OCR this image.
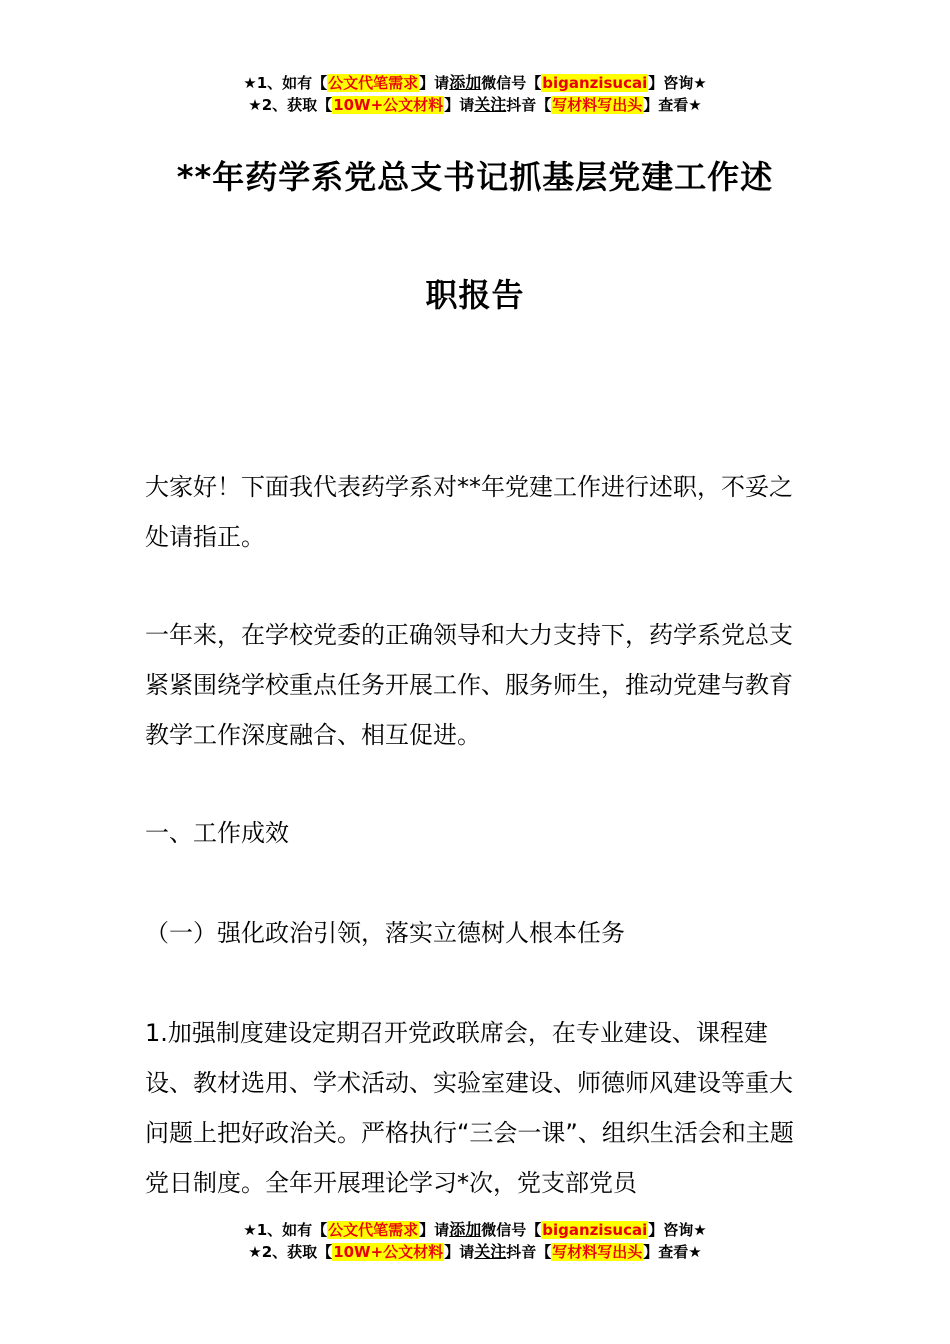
★1、如有【公文代笔需求】请添加微信号【biganzisucai】咨询★
★2、获取【10W+公文材料】请关注抖音【写材料写出头】查看★
**年药学系党总支书记抓基层党建工作述
职报告

大家好！下面我代表药学系对**年党建工作进行述职，不妥之处请指正。

一年来，在学校党委的正确领导和大力支持下，药学系党总支紧紧围绕学校重点任务开展工作、服务师生，推动党建与教育教学工作深度融合、相互促进。

一、工作成效

（一）强化政治引领，落实立德树人根本任务

1.加强制度建设定期召开党政联席会，在专业建设、课程建设、教材选用、学术活动、实验室建设、师德师风建设等重大问题上把好政治关。严格执行“三会一课”、组织生活会和主题党日制度。全年开展理论学习*次，党支部党员

★1、如有【公文代笔需求】请添加微信号【biganzisucai】咨询★
★2、获取【10W+公文材料】请关注抖音【写材料写出头】查看★
